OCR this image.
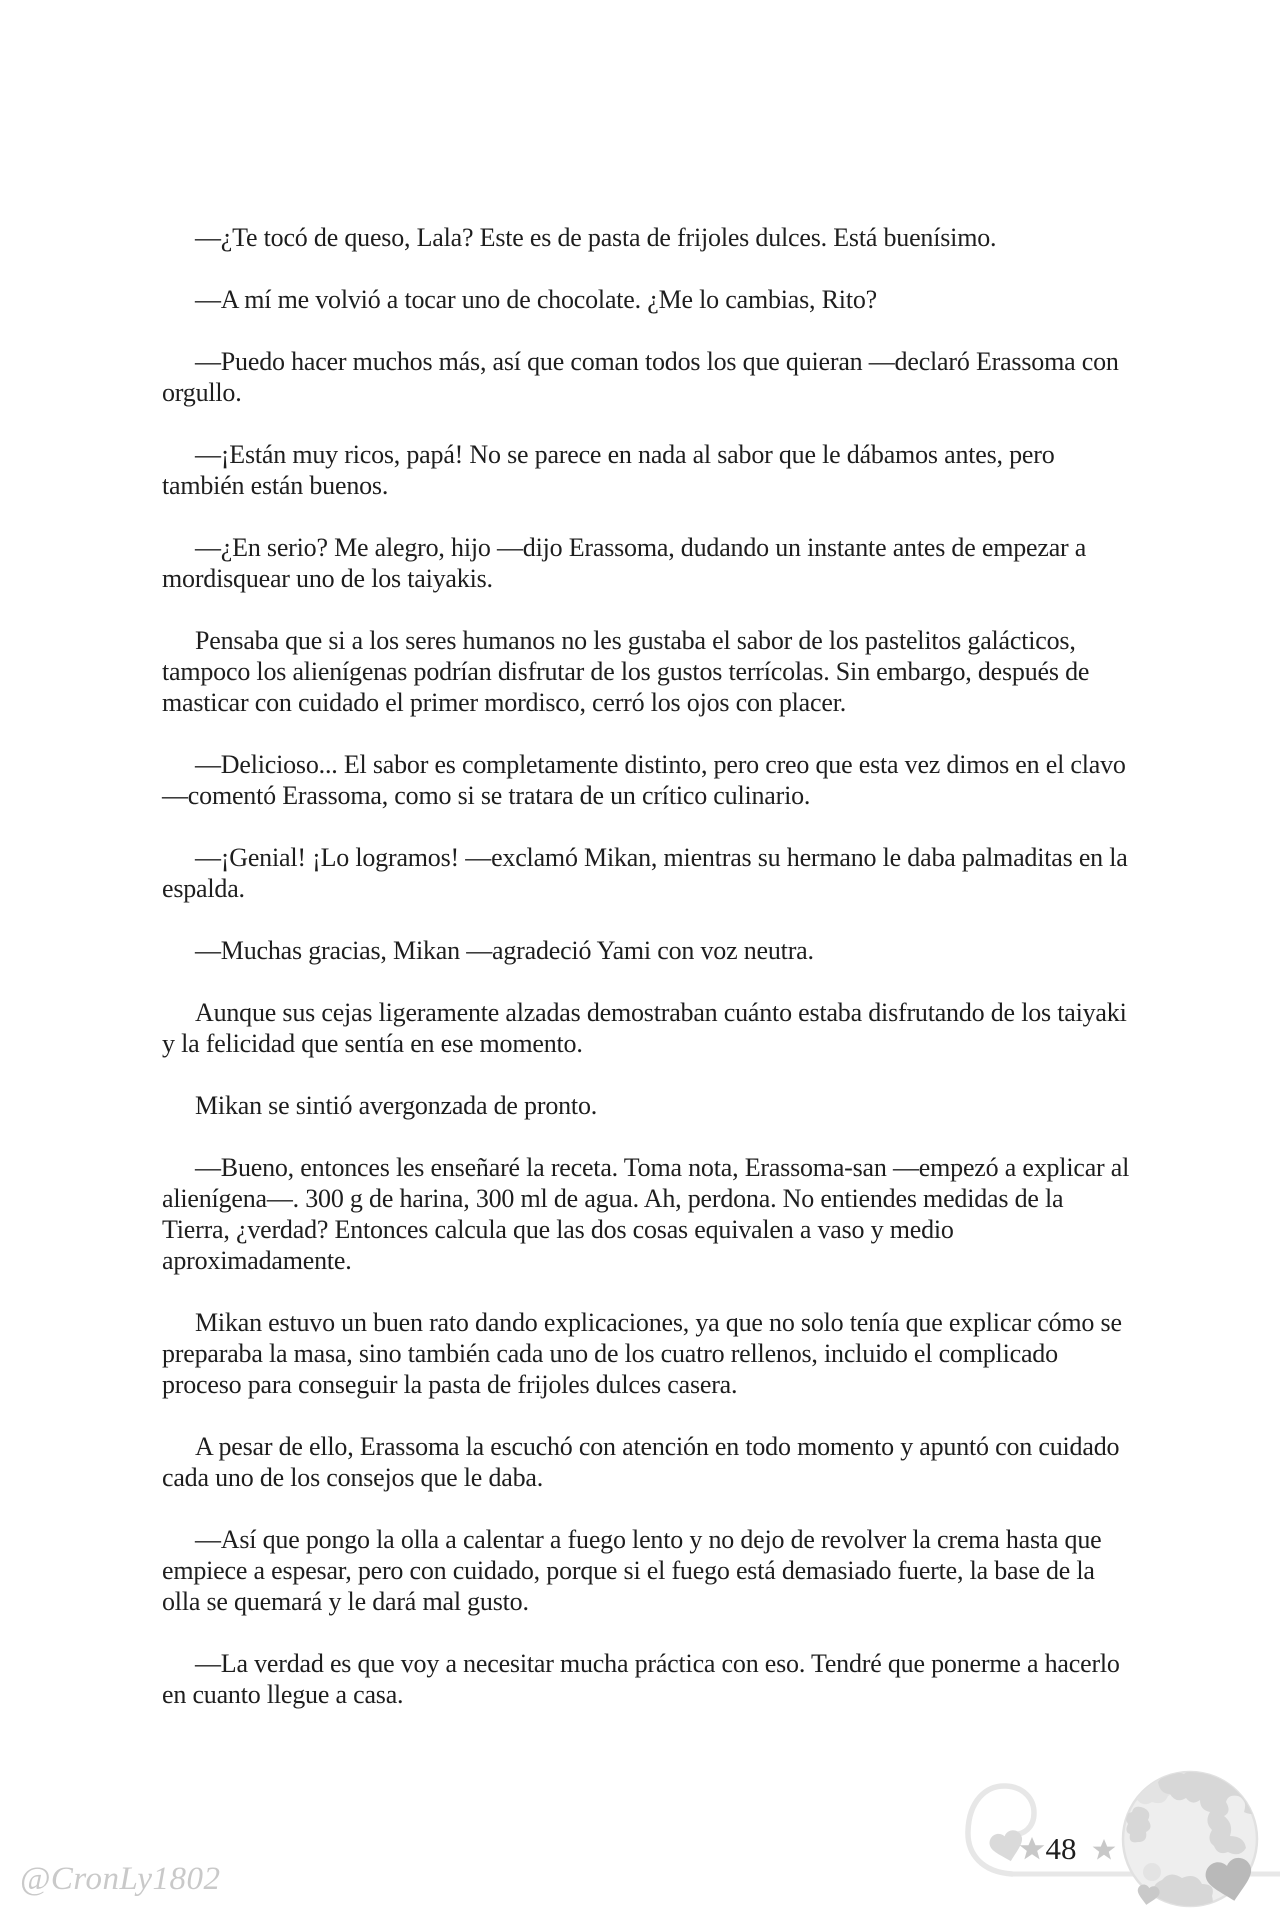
—¿Te tocó de queso, Lala? Este es de pasta de frijoles dulces. Está buenísimo.

—A mí me volvió a tocar uno de chocolate. ¿Me lo cambias, Rito?

—Puedo hacer muchos más, así que coman todos los que quieran —declaró Erassoma con orgullo.

—¡Están muy ricos, papá! No se parece en nada al sabor que le dábamos antes, pero también están buenos.

—¿En serio? Me alegro, hijo —dijo Erassoma, dudando un instante antes de empezar a mordisquear uno de los taiyakis.

Pensaba que si a los seres humanos no les gustaba el sabor de los pastelitos galácticos, tampoco los alienígenas podrían disfrutar de los gustos terrícolas. Sin embargo, después de masticar con cuidado el primer mordisco, cerró los ojos con placer.

—Delicioso... El sabor es completamente distinto, pero creo que esta vez dimos en el clavo —comentó Erassoma, como si se tratara de un crítico culinario.

—¡Genial! ¡Lo logramos! —exclamó Mikan, mientras su hermano le daba palmaditas en la espalda.

—Muchas gracias, Mikan —agradeció Yami con voz neutra.

Aunque sus cejas ligeramente alzadas demostraban cuánto estaba disfrutando de los taiyaki y la felicidad que sentía en ese momento.

Mikan se sintió avergonzada de pronto.

—Bueno, entonces les enseñaré la receta. Toma nota, Erassoma-san —empezó a explicar al alienígena—. 300 g de harina, 300 ml de agua. Ah, perdona. No entiendes medidas de la Tierra, ¿verdad? Entonces calcula que las dos cosas equivalen a vaso y medio aproximadamente.

Mikan estuvo un buen rato dando explicaciones, ya que no solo tenía que explicar cómo se preparaba la masa, sino también cada uno de los cuatro rellenos, incluido el complicado proceso para conseguir la pasta de frijoles dulces casera.

A pesar de ello, Erassoma la escuchó con atención en todo momento y apuntó con cuidado cada uno de los consejos que le daba.

—Así que pongo la olla a calentar a fuego lento y no dejo de revolver la crema hasta que empiece a espesar, pero con cuidado, porque si el fuego está demasiado fuerte, la base de la olla se quemará y le dará mal gusto.

—La verdad es que voy a necesitar mucha práctica con eso. Tendré que ponerme a hacerlo en cuanto llegue a casa.

@CronLy1802
48
